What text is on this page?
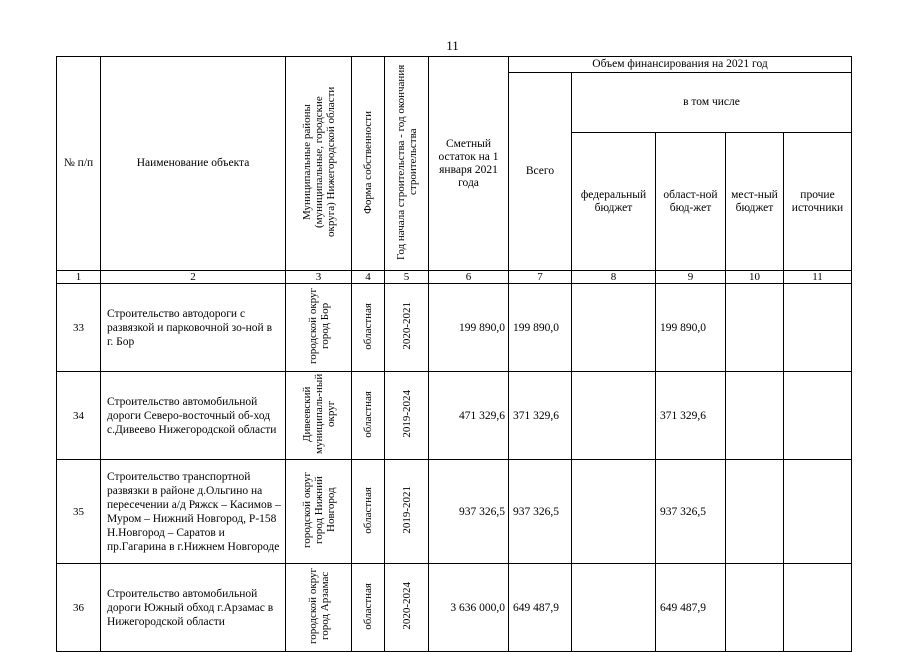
11
№ п/п	Наименование объекта	Муниципальные районы (муниципальные, городские округа) Нижегородской области	Форма собственности	Год начала строительства - год окончания строительства	Сметный остаток на 1 января 2021 года	Объем финансирования на 2021 год				
						Всего	в том числе			
							федеральный бюджет	област-ной бюд-жет	мест-ный бюджет	прочие источники
1	2	3	4	5	6	7	8	9	10	11
33	Строительство автодороги с развязкой и парковочной зо-ной в г. Бор	городской округ город Бор	областная	2020-2021	199 890,0	199 890,0		199 890,0		
34	Строительство автомобильной дороги Северо-восточный об-ход с.Дивеево Нижегородской области	Дивеевский муниципаль-ный округ	областная	2019-2024	471 329,6	371 329,6		371 329,6		
35	Строительство транспортной развязки в районе д.Ольгино на пересечении а/д Ряжск – Касимов – Муром – Нижний Новгород, Р-158 Н.Новгород – Саратов и пр.Гагарина в г.Нижнем Новгороде	городской округ город Нижний Новгород	областная	2019-2021	937 326,5	937 326,5		937 326,5		
36	Строительство автомобильной дороги Южный обход г.Арзамас в Нижегородской области	городской округ город Арзамас	областная	2020-2024	3 636 000,0	649 487,9		649 487,9		
